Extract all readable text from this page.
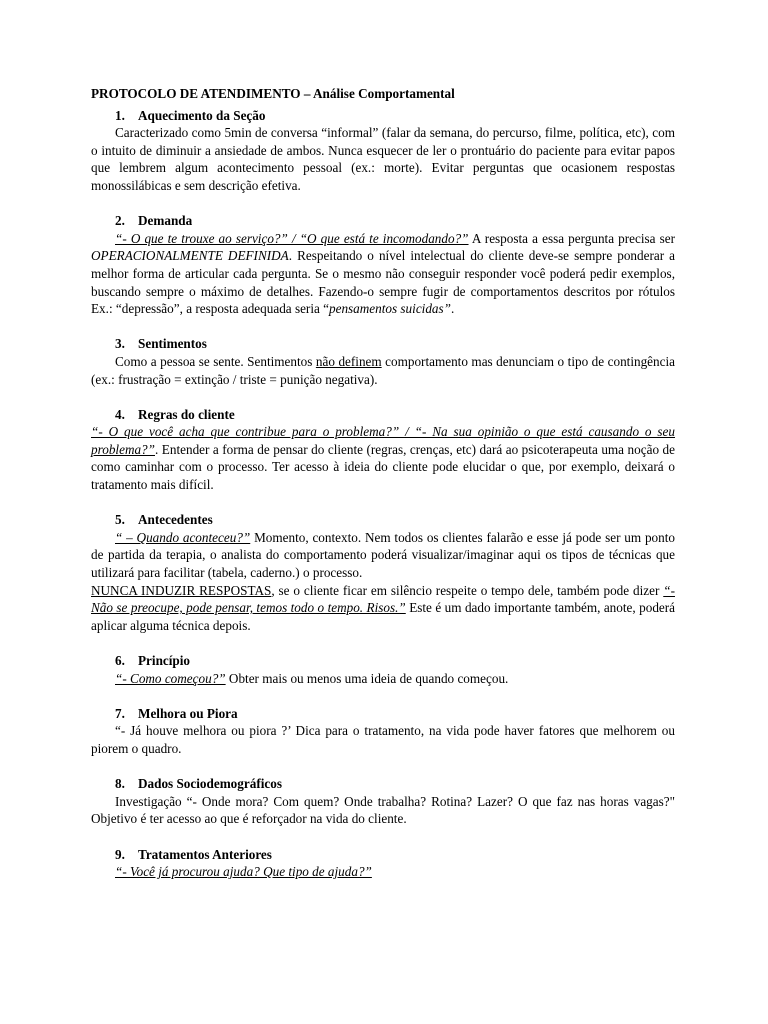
PROTOCOLO DE ATENDIMENTO – Análise Comportamental
1. Aquecimento da Seção

Caracterizado como 5min de conversa “informal” (falar da semana, do percurso, filme, política, etc), com o intuito de diminuir a ansiedade de ambos. Nunca esquecer de ler o prontuário do paciente para evitar papos que lembrem algum acontecimento pessoal (ex.: morte). Evitar perguntas que ocasionem respostas monossilábicas e sem descrição efetiva.

2. Demanda

“- O que te trouxe ao serviço?” / “O que está te incomodando?” A resposta a essa pergunta precisa ser OPERACIONALMENTE DEFINIDA. Respeitando o nível intelectual do cliente deve-se sempre ponderar a melhor forma de articular cada pergunta. Se o mesmo não conseguir responder você poderá pedir exemplos, buscando sempre o máximo de detalhes. Fazendo-o sempre fugir de comportamentos descritos por rótulos Ex.: “depressão”, a resposta adequada seria “pensamentos suicidas”.

3. Sentimentos

Como a pessoa se sente. Sentimentos não definem comportamento mas denunciam o tipo de contingência (ex.: frustração = extinção / triste = punição negativa).

4. Regras do cliente

“- O que você acha que contribue para o problema?” / “- Na sua opinião o que está causando o seu problema?”. Entender a forma de pensar do cliente (regras, crenças, etc) dará ao psicoterapeuta uma noção de como caminhar com o processo. Ter acesso à ideia do cliente pode elucidar o que, por exemplo, deixará o tratamento mais difícil.

5. Antecedentes

“ – Quando aconteceu?” Momento, contexto. Nem todos os clientes falarão e esse já pode ser um ponto de partida da terapia, o analista do comportamento poderá visualizar/imaginar aqui os tipos de técnicas que utilizará para facilitar (tabela, caderno.) o processo.

NUNCA INDUZIR RESPOSTAS, se o cliente ficar em silêncio respeite o tempo dele, também pode dizer “- Não se preocupe, pode pensar, temos todo o tempo. Risos.” Este é um dado importante também, anote, poderá aplicar alguma técnica depois.

6. Princípio

“- Como começou?” Obter mais ou menos uma ideia de quando começou.

7. Melhora ou Piora

“- Já houve melhora ou piora ?’ Dica para o tratamento, na vida pode haver fatores que melhorem ou piorem o quadro.

8. Dados Sociodemográficos

Investigação “- Onde mora? Com quem? Onde trabalha? Rotina? Lazer? O que faz nas horas vagas?" Objetivo é ter acesso ao que é reforçador na vida do cliente.

9. Tratamentos Anteriores

“- Você já procurou ajuda? Que tipo de ajuda?”
